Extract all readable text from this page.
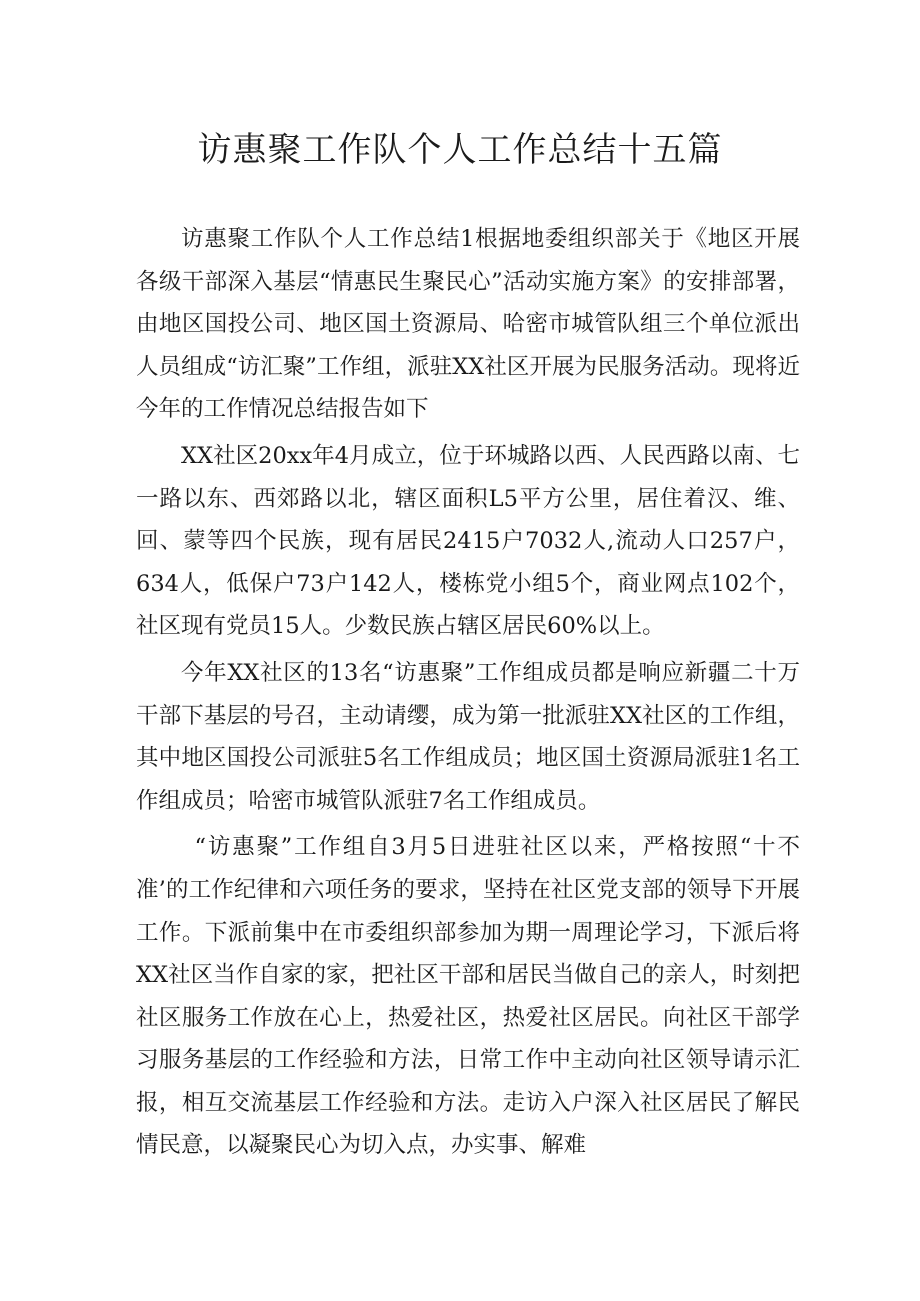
访惠聚工作队个人工作总结十五篇

访惠聚工作队个人工作总结1根据地委组织部关于《地区开展各级干部深入基层“情惠民生聚民心”活动实施方案》的安排部署，由地区国投公司、地区国土资源局、哈密市城管队组三个单位派出人员组成“访汇聚”工作组，派驻XX社区开展为民服务活动。现将近今年的工作情况总结报告如下

XX社区20xx年4月成立，位于环城路以西、人民西路以南、七一路以东、西郊路以北，辖区面积L5平方公里，居住着汉、维、回、蒙等四个民族，现有居民2415户7032人,流动人口257户，634人，低保户73户142人，楼栋党小组5个，商业网点102个，社区现有党员15人。少数民族占辖区居民60%以上。

今年XX社区的13名“访惠聚”工作组成员都是响应新疆二十万干部下基层的号召，主动请缨，成为第一批派驻XX社区的工作组，其中地区国投公司派驻5名工作组成员；地区国土资源局派驻1名工作组成员；哈密市城管队派驻7名工作组成员。

“访惠聚”工作组自3月5日进驻社区以来，严格按照“十不准’的工作纪律和六项任务的要求，坚持在社区党支部的领导下开展工作。下派前集中在市委组织部参加为期一周理论学习，下派后将XX社区当作自家的家，把社区干部和居民当做自己的亲人，时刻把社区服务工作放在心上，热爱社区，热爱社区居民。向社区干部学习服务基层的工作经验和方法，日常工作中主动向社区领导请示汇报，相互交流基层工作经验和方法。走访入户深入社区居民了解民情民意，以凝聚民心为切入点，办实事、解难
